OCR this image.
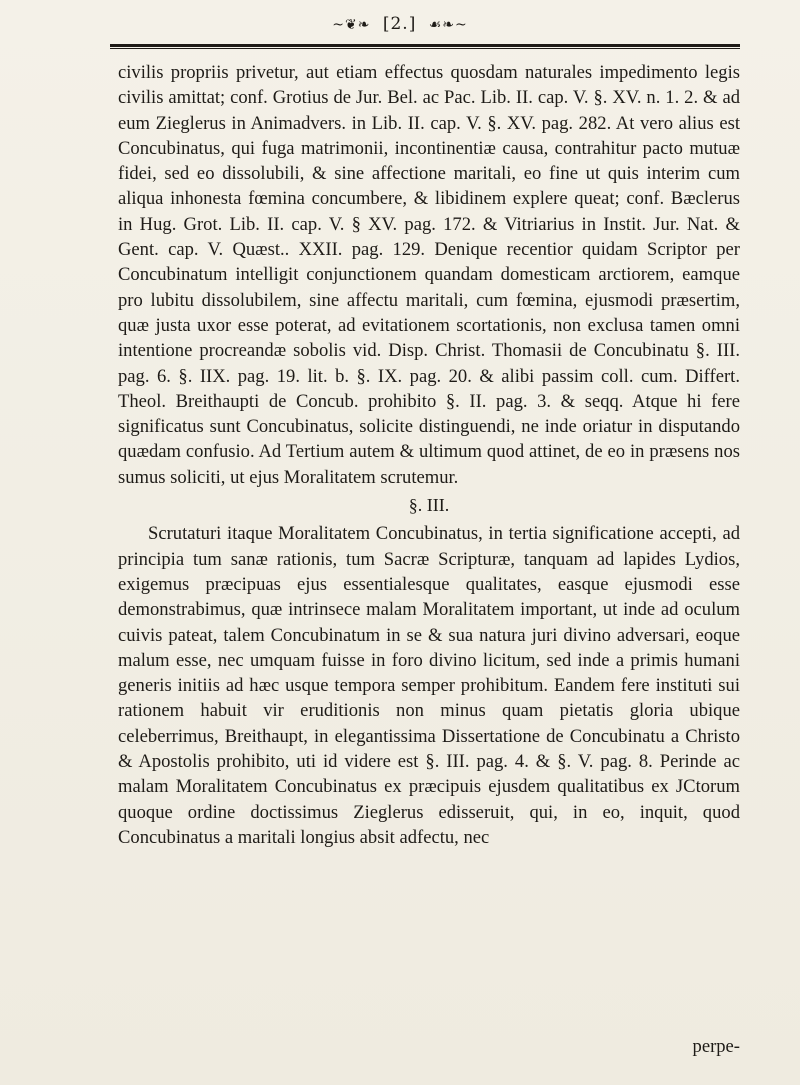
~❦❧ [2.] ☙❧~

civilis propriis privetur, aut etiam effectus quosdam naturales impedimento legis civilis amittat; conf. Grotius de Jur. Bel. ac Pac. Lib. II. cap. V. §. XV. n. 1. 2. & ad eum Zieglerus in Animadvers. in Lib. II. cap. V. §. XV. pag. 282. At vero alius est Concubinatus, qui fuga matrimonii, incontinentiæ causa, contrahitur pacto mutuæ fidei, sed eo dissolubili, & sine affectione maritali, eo fine ut quis interim cum aliqua inhonesta fœmina concumbere, & libidinem explere queat; conf. Bæclerus in Hug. Grot. Lib. II. cap. V. § XV. pag. 172. & Vitriarius in Instit. Jur. Nat. & Gent. cap. V. Quæst.. XXII. pag. 129. Denique recentior quidam Scriptor per Concubinatum intelligit conjunctionem quandam domesticam arctiorem, eamque pro lubitu dissolubilem, sine affectu maritali, cum fœmina, ejusmodi præsertim, quæ justa uxor esse poterat, ad evitationem scortationis, non exclusa tamen omni intentione procreandæ sobolis vid. Disp. Christ. Thomasii de Concubinatu §. III. pag. 6. §. IIX. pag. 19. lit. b. §. IX. pag. 20. & alibi passim coll. cum. Differt. Theol. Breithaupti de Concub. prohibito §. II. pag. 3. & seqq. Atque hi fere significatus sunt Concubinatus, solicite distinguendi, ne inde oriatur in disputando quædam confusio. Ad Tertium autem & ultimum quod attinet, de eo in præsens nos sumus soliciti, ut ejus Moralitatem scrutemur.

§. III.

Scrutaturi itaque Moralitatem Concubinatus, in tertia significatione accepti, ad principia tum sanæ rationis, tum Sacræ Scripturæ, tanquam ad lapides Lydios, exigemus præcipuas ejus essentialesque qualitates, easque ejusmodi esse demonstrabimus, quæ intrinsece malam Moralitatem important, ut inde ad oculum cuivis pateat, talem Concubinatum in se & sua natura juri divino adversari, eoque malum esse, nec umquam fuisse in foro divino licitum, sed inde a primis humani generis initiis ad hæc usque tempora semper prohibitum. Eandem fere instituti sui rationem habuit vir eruditionis non minus quam pietatis gloria ubique celeberrimus, Breithaupt, in elegantissima Dissertatione de Concubinatu a Christo & Apostolis prohibito, uti id videre est §. III. pag. 4. & §. V. pag. 8. Perinde ac malam Moralitatem Concubinatus ex præcipuis ejusdem qualitatibus ex JCtorum quoque ordine doctissimus Zieglerus edisseruit, qui, in eo, inquit, quod Concubinatus a maritali longius absit adfectu, nec

perpe-
